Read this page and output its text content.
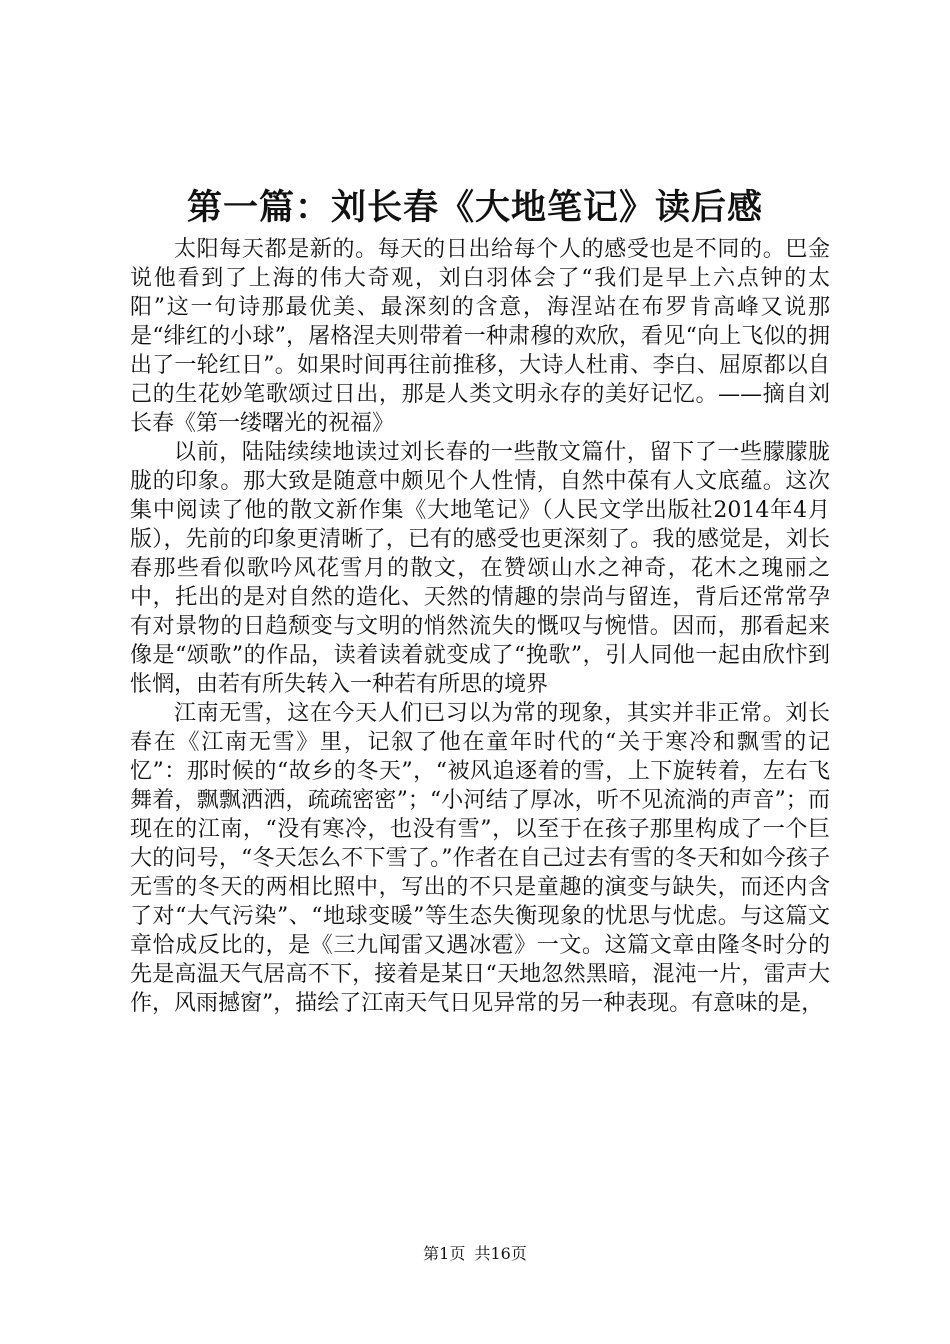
第一篇：刘长春《大地笔记》读后感

太阳每天都是新的。每天的日出给每个人的感受也是不同的。巴金说他看到了上海的伟大奇观，刘白羽体会了“我们是早上六点钟的太阳”这一句诗那最优美、最深刻的含意，海涅站在布罗肯高峰又说那是“绯红的小球”，屠格涅夫则带着一种肃穆的欢欣，看见“向上飞似的拥出了一轮红日”。如果时间再往前推移，大诗人杜甫、李白、屈原都以自己的生花妙笔歌颂过日出，那是人类文明永存的美好记忆。——摘自刘长春《第一缕曙光的祝福》

以前，陆陆续续地读过刘长春的一些散文篇什，留下了一些朦朦胧胧的印象。那大致是随意中颇见个人性情，自然中葆有人文底蕴。这次集中阅读了他的散文新作集《大地笔记》（人民文学出版社2014年4月版），先前的印象更清晰了，已有的感受也更深刻了。我的感觉是，刘长春那些看似歌吟风花雪月的散文，在赞颂山水之神奇，花木之瑰丽之中，托出的是对自然的造化、天然的情趣的崇尚与留连，背后还常常孕有对景物的日趋颓变与文明的悄然流失的慨叹与惋惜。因而，那看起来像是“颂歌”的作品，读着读着就变成了“挽歌”，引人同他一起由欣忭到怅惘，由若有所失转入一种若有所思的境界

江南无雪，这在今天人们已习以为常的现象，其实并非正常。刘长春在《江南无雪》里，记叙了他在童年时代的“关于寒冷和飘雪的记忆”：那时候的“故乡的冬天”，“被风追逐着的雪，上下旋转着，左右飞舞着，飘飘洒洒，疏疏密密”；“小河结了厚冰，听不见流淌的声音”；而现在的江南，“没有寒冷，也没有雪”，以至于在孩子那里构成了一个巨大的问号，“冬天怎么不下雪了。”作者在自己过去有雪的冬天和如今孩子无雪的冬天的两相比照中，写出的不只是童趣的演变与缺失，而还内含了对“大气污染”、“地球变暖”等生态失衡现象的忧思与忧虑。与这篇文章恰成反比的，是《三九闻雷又遇冰雹》一文。这篇文章由隆冬时分的先是高温天气居高不下，接着是某日“天地忽然黑暗，混沌一片，雷声大作，风雨撼窗”，描绘了江南天气日见异常的另一种表现。有意味的是，

第1页 共16页
